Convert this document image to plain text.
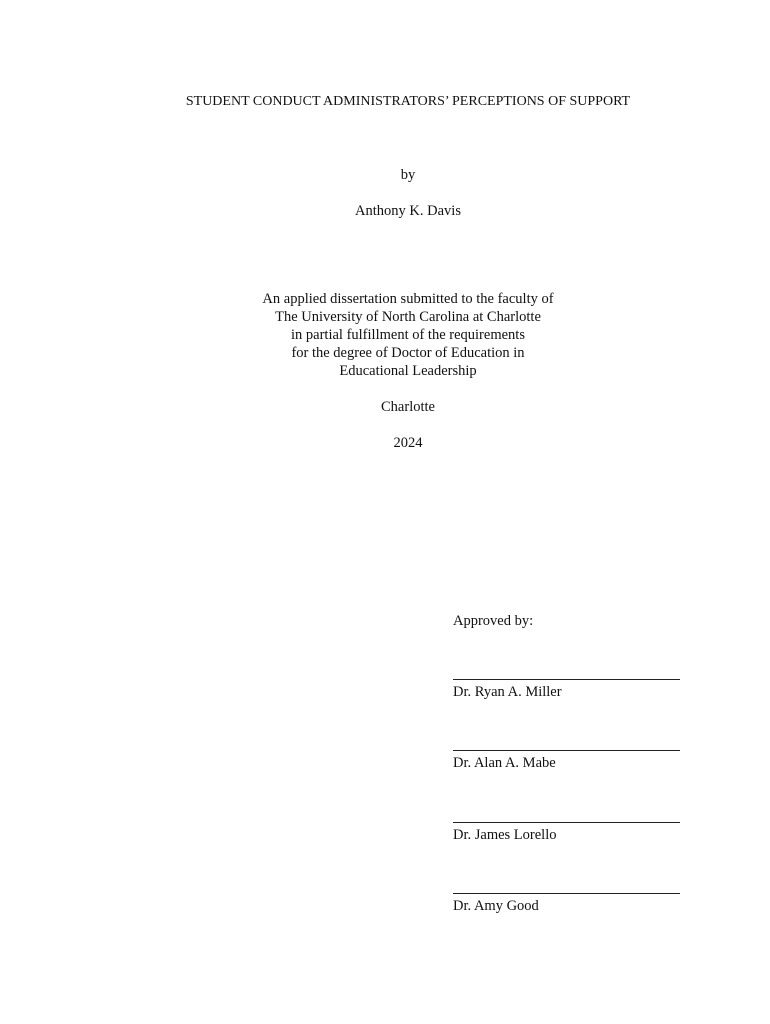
STUDENT CONDUCT ADMINISTRATORS’ PERCEPTIONS OF SUPPORT
by
Anthony K. Davis
An applied dissertation submitted to the faculty of
The University of North Carolina at Charlotte
in partial fulfillment of the requirements
for the degree of Doctor of Education in
Educational Leadership
Charlotte
2024
Approved by:
Dr. Ryan A. Miller
Dr. Alan A. Mabe
Dr. James Lorello
Dr. Amy Good
